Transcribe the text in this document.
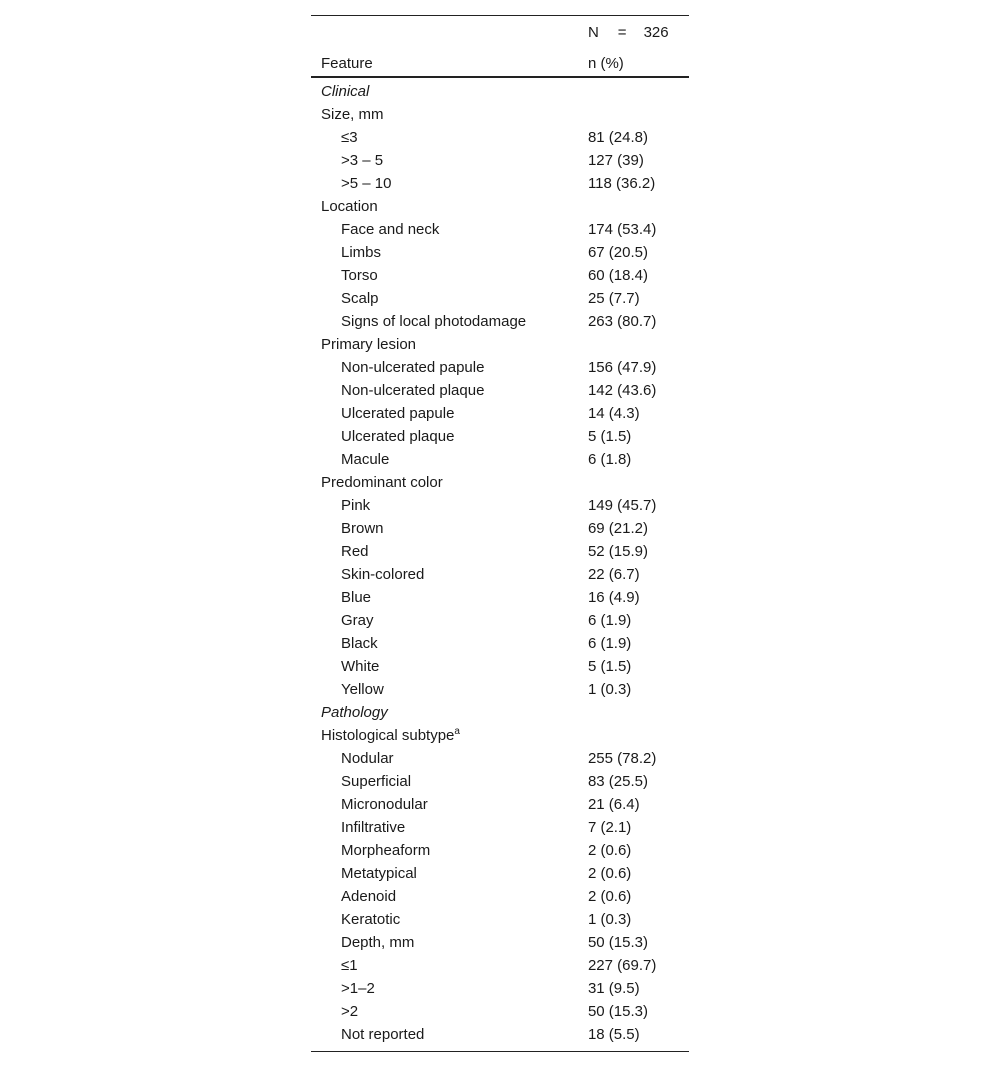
	N = 326
Feature	n (%)
Clinical	
Size, mm	
≤3	81 (24.8)
>3 – 5	127 (39)
>5 – 10	118 (36.2)
Location	
Face and neck	174 (53.4)
Limbs	67 (20.5)
Torso	60 (18.4)
Scalp	25 (7.7)
Signs of local photodamage	263 (80.7)
Primary lesion	
Non-ulcerated papule	156 (47.9)
Non-ulcerated plaque	142 (43.6)
Ulcerated papule	14 (4.3)
Ulcerated plaque	5 (1.5)
Macule	6 (1.8)
Predominant color	
Pink	149 (45.7)
Brown	69 (21.2)
Red	52 (15.9)
Skin-colored	22 (6.7)
Blue	16 (4.9)
Gray	6 (1.9)
Black	6 (1.9)
White	5 (1.5)
Yellow	1 (0.3)
Pathology	
Histological subtype$^a$	
Nodular	255 (78.2)
Superficial	83 (25.5)
Micronodular	21 (6.4)
Infiltrative	7 (2.1)
Morpheaform	2 (0.6)
Metatypical	2 (0.6)
Adenoid	2 (0.6)
Keratotic	1 (0.3)
Depth, mm	50 (15.3)
≤1	227 (69.7)
>1–2	31 (9.5)
>2	50 (15.3)
Not reported	18 (5.5)
